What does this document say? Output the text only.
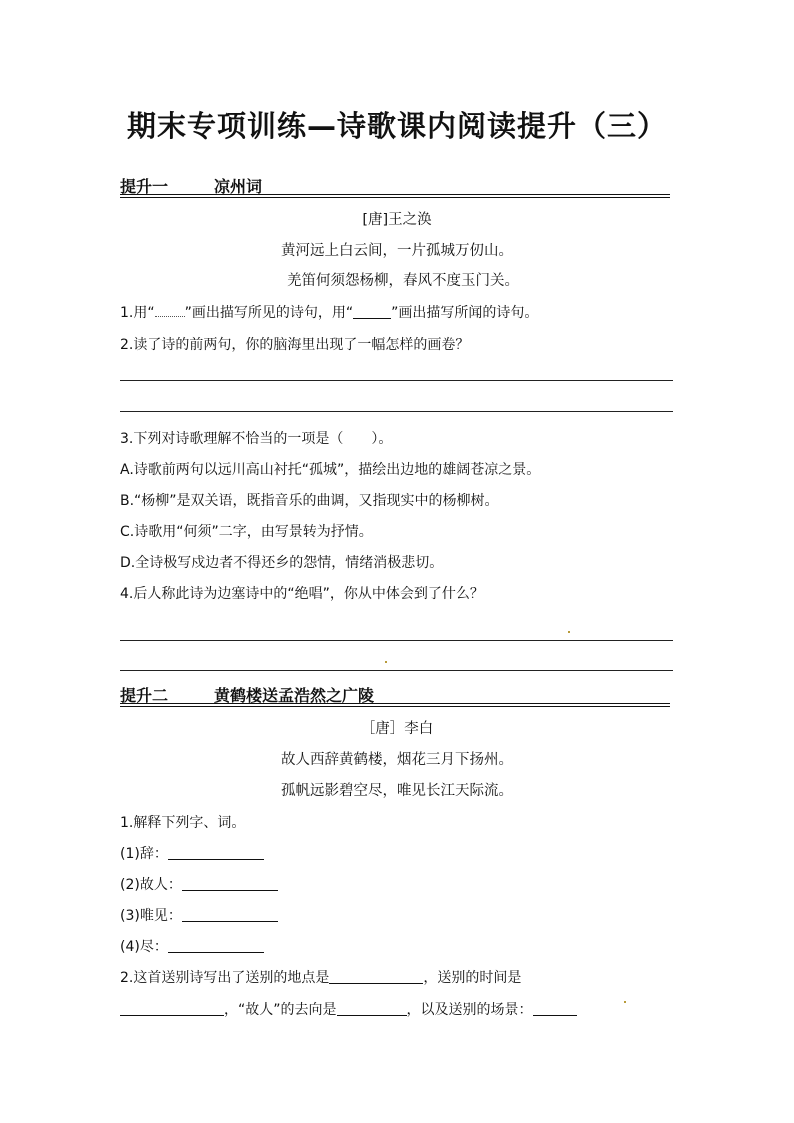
期末专项训练—诗歌课内阅读提升（三）
提升一	凉州词
[唐]王之涣
黄河远上白云间，一片孤城万仞山。
羌笛何须怨杨柳，春风不度玉门关。
1.用“ ”画出描写所见的诗句，用“	”画出描写所闻的诗句。
2.读了诗的前两句，你的脑海里出现了一幅怎样的画卷？
3.下列对诗歌理解不恰当的一项是（　　）。
A.诗歌前两句以远川高山衬托“孤城”，描绘出边地的雄阔苍凉之景。
B.“杨柳”是双关语，既指音乐的曲调，又指现实中的杨柳树。
C.诗歌用“何须”二字，由写景转为抒情。
D.全诗极写戍边者不得还乡的怨情，情绪消极悲切。
4.后人称此诗为边塞诗中的“绝唱”，你从中体会到了什么？
提升二	黄鹤楼送孟浩然之广陵
［唐］李白
故人西辞黄鹤楼，烟花三月下扬州。
孤帆远影碧空尽，唯见长江天际流。
1.解释下列字、词。
(1)辞：
(2)故人：
(3)唯见：
(4)尽：
2.这首送别诗写出了送别的地点是	，送别的时间是
，“故人”的去向是	，以及送别的场景：
